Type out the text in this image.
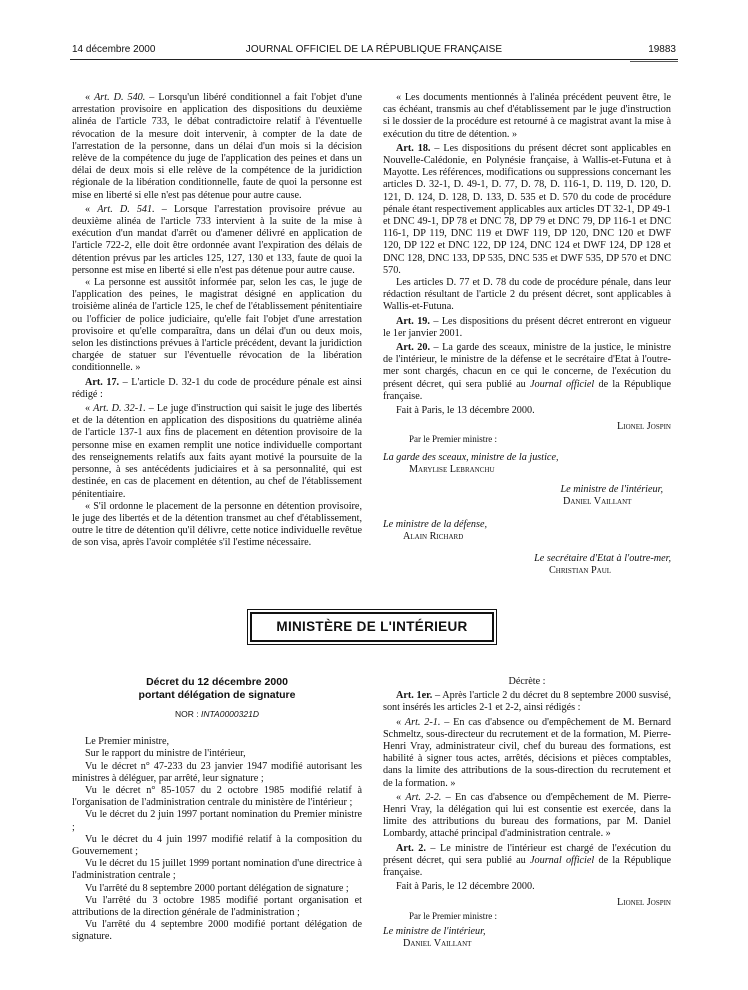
14 décembre 2000	JOURNAL OFFICIEL DE LA RÉPUBLIQUE FRANÇAISE	19883

« Art. D. 540. – Lorsqu'un libéré conditionnel a fait l'objet d'une arrestation provisoire en application des dispositions du deuxième alinéa de l'article 733, le débat contradictoire relatif à l'éventuelle révocation de la mesure doit intervenir, à compter de la date de l'arrestation de la personne, dans un délai d'un mois si la décision relève de la compétence du juge de l'application des peines et dans un délai de deux mois si elle relève de la compétence de la juridiction régionale de la libération conditionnelle, faute de quoi la personne est mise en liberté si elle n'est pas détenue pour autre cause.

« Art. D. 541. – Lorsque l'arrestation provisoire prévue au deuxième alinéa de l'article 733 intervient à la suite de la mise à exécution d'un mandat d'arrêt ou d'amener délivré en application de l'article 722-2, elle doit être ordonnée avant l'expiration des délais de détention prévus par les articles 125, 127, 130 et 133, faute de quoi la personne est mise en liberté si elle n'est pas détenue pour autre cause.

« La personne est aussitôt informée par, selon les cas, le juge de l'application des peines, le magistrat désigné en application du troisième alinéa de l'article 125, le chef de l'établissement pénitentiaire ou l'officier de police judiciaire, qu'elle fait l'objet d'une arrestation provisoire et qu'elle comparaîtra, dans un délai d'un ou deux mois, selon les distinctions prévues à l'article précédent, devant la juridiction chargée de statuer sur l'éventuelle révocation de la libération conditionnelle. »

Art. 17. – L'article D. 32-1 du code de procédure pénale est ainsi rédigé :

« Art. D. 32-1. – Le juge d'instruction qui saisit le juge des libertés et de la détention en application des dispositions du quatrième alinéa de l'article 137-1 aux fins de placement en détention provisoire de la personne mise en examen remplit une notice individuelle comportant des renseignements relatifs aux faits ayant motivé la poursuite de la personne, à ses antécédents judiciaires et à sa personnalité, qui est destinée, en cas de placement en détention, au chef de l'établissement pénitentiaire.

« S'il ordonne le placement de la personne en détention provisoire, le juge des libertés et de la détention transmet au chef d'établissement, outre le titre de détention qu'il délivre, cette notice individuelle revêtue de son visa, après l'avoir complétée s'il l'estime nécessaire.

« Les documents mentionnés à l'alinéa précédent peuvent être, le cas échéant, transmis au chef d'établissement par le juge d'instruction si le dossier de la procédure est retourné à ce magistrat avant la mise à exécution du titre de détention. »

Art. 18. – Les dispositions du présent décret sont applicables en Nouvelle-Calédonie, en Polynésie française, à Wallis-et-Futuna et à Mayotte. Les références, modifications ou suppressions concernant les articles D. 32-1, D. 49-1, D. 77, D. 78, D. 116-1, D. 119, D. 120, D. 121, D. 124, D. 128, D. 133, D. 535 et D. 570 du code de procédure pénale étant respectivement applicables aux articles DT 32-1, DP 49-1 et DNC 49-1, DP 78 et DNC 78, DP 79 et DNC 79, DP 116-1 et DNC 116-1, DP 119, DNC 119 et DWF 119, DP 120, DNC 120 et DWF 120, DP 122 et DNC 122, DP 124, DNC 124 et DWF 124, DP 128 et DNC 128, DNC 133, DP 535, DNC 535 et DWF 535, DP 570 et DNC 570.

Les articles D. 77 et D. 78 du code de procédure pénale, dans leur rédaction résultant de l'article 2 du présent décret, sont applicables à Wallis-et-Futuna.

Art. 19. – Les dispositions du présent décret entreront en vigueur le 1er janvier 2001.

Art. 20. – La garde des sceaux, ministre de la justice, le ministre de l'intérieur, le ministre de la défense et le secrétaire d'Etat à l'outre-mer sont chargés, chacun en ce qui le concerne, de l'exécution du présent décret, qui sera publié au Journal officiel de la République française.

Fait à Paris, le 13 décembre 2000.

Lionel Jospin

Par le Premier ministre :

La garde des sceaux, ministre de la justice,

Marylise Lebranchu

Le ministre de l'intérieur,

Daniel Vaillant

Le ministre de la défense,

Alain Richard

Le secrétaire d'Etat à l'outre-mer,

Christian Paul
MINISTÈRE DE L'INTÉRIEUR
Décret du 12 décembre 2000
portant délégation de signature
NOR : INTA0000321D

Le Premier ministre,

Sur le rapport du ministre de l'intérieur,

Vu le décret n° 47-233 du 23 janvier 1947 modifié autorisant les ministres à déléguer, par arrêté, leur signature ;

Vu le décret n° 85-1057 du 2 octobre 1985 modifié relatif à l'organisation de l'administration centrale du ministère de l'intérieur ;

Vu le décret du 2 juin 1997 portant nomination du Premier ministre ;

Vu le décret du 4 juin 1997 modifié relatif à la composition du Gouvernement ;

Vu le décret du 15 juillet 1999 portant nomination d'une directrice à l'administration centrale ;

Vu l'arrêté du 8 septembre 2000 portant délégation de signature ;

Vu l'arrêté du 3 octobre 1985 modifié portant organisation et attributions de la direction générale de l'administration ;

Vu l'arrêté du 4 septembre 2000 modifié portant délégation de signature.

Décrète :

Art. 1er. – Après l'article 2 du décret du 8 septembre 2000 susvisé, sont insérés les articles 2-1 et 2-2, ainsi rédigés :

« Art. 2-1. – En cas d'absence ou d'empêchement de M. Bernard Schmeltz, sous-directeur du recrutement et de la formation, M. Pierre-Henri Vray, administrateur civil, chef du bureau des formations, est habilité à signer tous actes, arrêtés, décisions et pièces comptables, dans la limite des attributions de la sous-direction du recrutement et de la formation. »

« Art. 2-2. – En cas d'absence ou d'empêchement de M. Pierre-Henri Vray, la délégation qui lui est consentie est exercée, dans la limite des attributions du bureau des formations, par M. Daniel Lombardy, attaché principal d'administration centrale. »

Art. 2. – Le ministre de l'intérieur est chargé de l'exécution du présent décret, qui sera publié au Journal officiel de la République française.

Fait à Paris, le 12 décembre 2000.

Lionel Jospin

Par le Premier ministre :

Le ministre de l'intérieur,

Daniel Vaillant
